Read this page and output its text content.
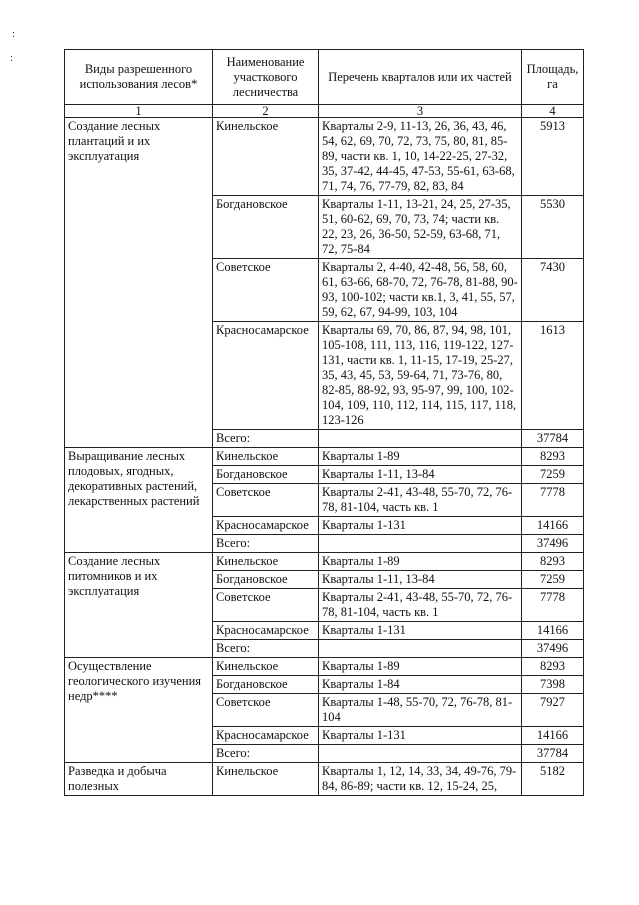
:
:
Виды разрешенного использования лесов*	Наименование участкового лесничества	Перечень кварталов или их частей	Площадь, га
1	2	3	4
Создание лесных плантаций и их эксплуатация	Кинельское	Кварталы 2-9, 11-13, 26, 36, 43, 46, 54, 62, 69, 70, 72, 73, 75, 80, 81, 85-89, части кв. 1, 10, 14-22-25, 27-32, 35, 37-42, 44-45, 47-53, 55-61, 63-68, 71, 74, 76, 77-79, 82, 83, 84	5913
	Богдановское	Кварталы 1-11, 13-21, 24, 25, 27-35, 51, 60-62, 69, 70, 73, 74; части кв. 22, 23, 26, 36-50, 52-59, 63-68, 71, 72, 75-84	5530
	Советское	Кварталы 2, 4-40, 42-48, 56, 58, 60, 61, 63-66, 68-70, 72, 76-78, 81-88, 90-93, 100-102; части кв.1, 3, 41, 55, 57, 59, 62, 67, 94-99, 103, 104	7430
	Красносамарское	Кварталы 69, 70, 86, 87, 94, 98, 101, 105-108, 111, 113, 116, 119-122, 127-131, части кв. 1, 11-15, 17-19, 25-27, 35, 43, 45, 53, 59-64, 71, 73-76, 80, 82-85, 88-92, 93, 95-97, 99, 100, 102-104, 109, 110, 112, 114, 115, 117, 118, 123-126	1613
	Всего:		37784
Выращивание лесных плодовых, ягодных, декоративных растений, лекарственных растений	Кинельское	Кварталы 1-89	8293
	Богдановское	Кварталы 1-11, 13-84	7259
	Советское	Кварталы 2-41, 43-48, 55-70, 72, 76-78, 81-104, часть кв. 1	7778
	Красносамарское	Кварталы 1-131	14166
	Всего:		37496
Создание лесных питомников и их эксплуатация	Кинельское	Кварталы 1-89	8293
	Богдановское	Кварталы 1-11, 13-84	7259
	Советское	Кварталы 2-41, 43-48, 55-70, 72, 76-78, 81-104, часть кв. 1	7778
	Красносамарское	Кварталы 1-131	14166
	Всего:		37496
Осуществление геологического изучения недр****	Кинельское	Кварталы 1-89	8293
	Богдановское	Кварталы 1-84	7398
	Советское	Кварталы 1-48, 55-70, 72, 76-78, 81-104	7927
	Красносамарское	Кварталы 1-131	14166
	Всего:		37784
Разведка и добыча полезных	Кинельское	Кварталы 1, 12, 14, 33, 34, 49-76, 79-84, 86-89; части кв. 12, 15-24, 25,	5182
